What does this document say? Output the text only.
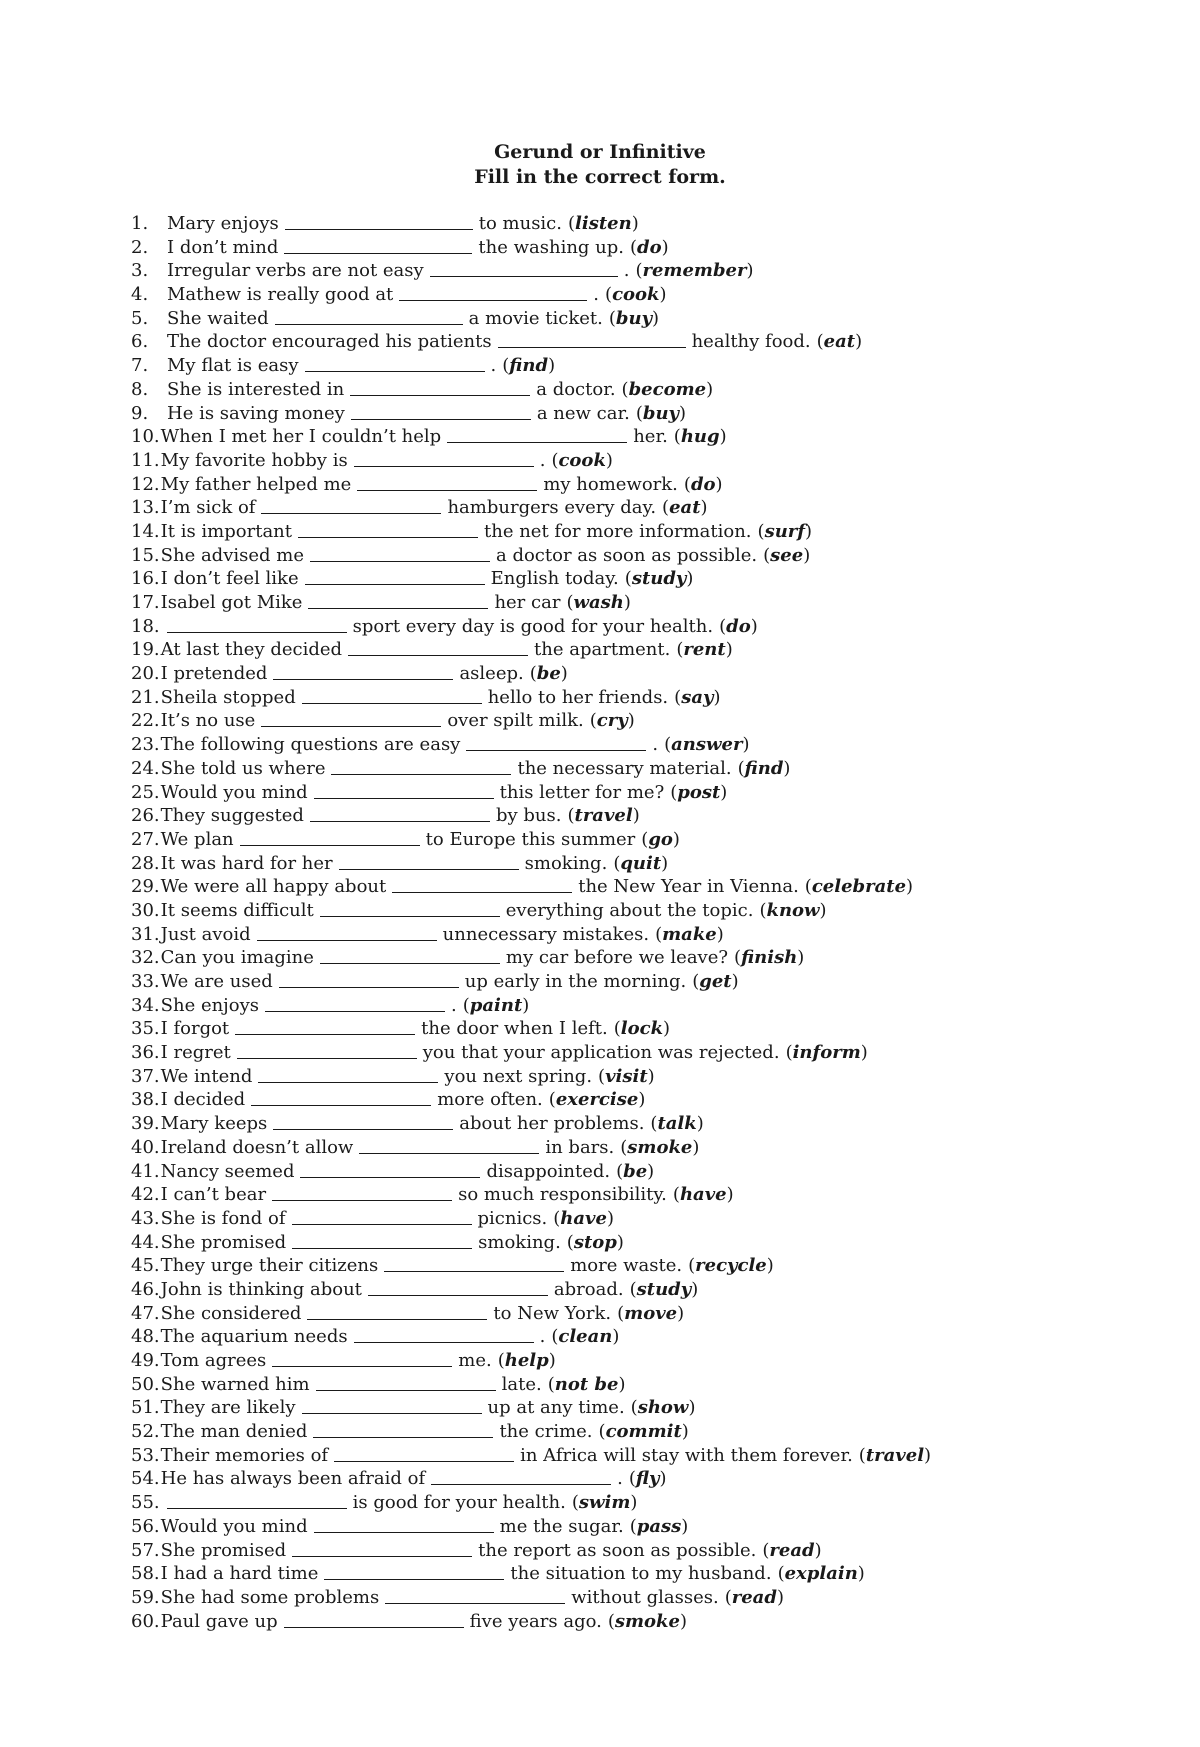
Gerund or Infinitive
Fill in the correct form.
1.	Mary enjoys	to music. (listen)
2.	I don’t mind	the washing up. (do)
3.	Irregular verbs are not easy	. (remember)
4.	Mathew is really good at	. (cook)
5.	She waited	a movie ticket. (buy)
6.	The doctor encouraged his patients	healthy food. (eat)
7.	My flat is easy	. (find)
8.	She is interested in	a doctor. (become)
9.	He is saving money	a new car. (buy)
10. When I met her I couldn’t help	her. (hug)
11. My favorite hobby is	. (cook)
12. My father helped me	my homework. (do)
13. I’m sick of	hamburgers every day. (eat)
14. It is important	the net for more information. (surf)
15. She advised me	a doctor as soon as possible. (see)
16. I don’t feel like	English today. (study)
17. Isabel got Mike	her car (wash)
18.	sport every day is good for your health. (do)
19. At last they decided	the apartment. (rent)
20. I pretended	asleep. (be)
21. Sheila stopped	hello to her friends. (say)
22. It’s no use	over spilt milk. (cry)
23. The following questions are easy	. (answer)
24. She told us where	the necessary material. (find)
25. Would you mind	this letter for me? (post)
26. They suggested	by bus. (travel)
27. We plan	to Europe this summer (go)
28. It was hard for her	smoking. (quit)
29. We were all happy about	the New Year in Vienna. (celebrate)
30. It seems difficult	everything about the topic. (know)
31. Just avoid	unnecessary mistakes. (make)
32. Can you imagine	my car before we leave? (finish)
33. We are used	up early in the morning. (get)
34. She enjoys	. (paint)
35. I forgot	the door when I left. (lock)
36. I regret	you that your application was rejected. (inform)
37. We intend	you next spring. (visit)
38. I decided	more often. (exercise)
39. Mary keeps	about her problems. (talk)
40. Ireland doesn’t allow	in bars. (smoke)
41. Nancy seemed	disappointed. (be)
42. I can’t bear	so much responsibility. (have)
43. She is fond of	picnics. (have)
44. She promised	smoking. (stop)
45. They urge their citizens	more waste. (recycle)
46. John is thinking about	abroad. (study)
47. She considered	to New York. (move)
48. The aquarium needs	. (clean)
49. Tom agrees	me. (help)
50. She warned him	late. (not be)
51. They are likely	up at any time. (show)
52. The man denied	the crime. (commit)
53. Their memories of	in Africa will stay with them forever. (travel)
54. He has always been afraid of	. (fly)
55.	is good for your health. (swim)
56. Would you mind	me the sugar. (pass)
57. She promised	the report as soon as possible. (read)
58. I had a hard time	the situation to my husband. (explain)
59. She had some problems	without glasses. (read)
60. Paul gave up	five years ago. (smoke)
